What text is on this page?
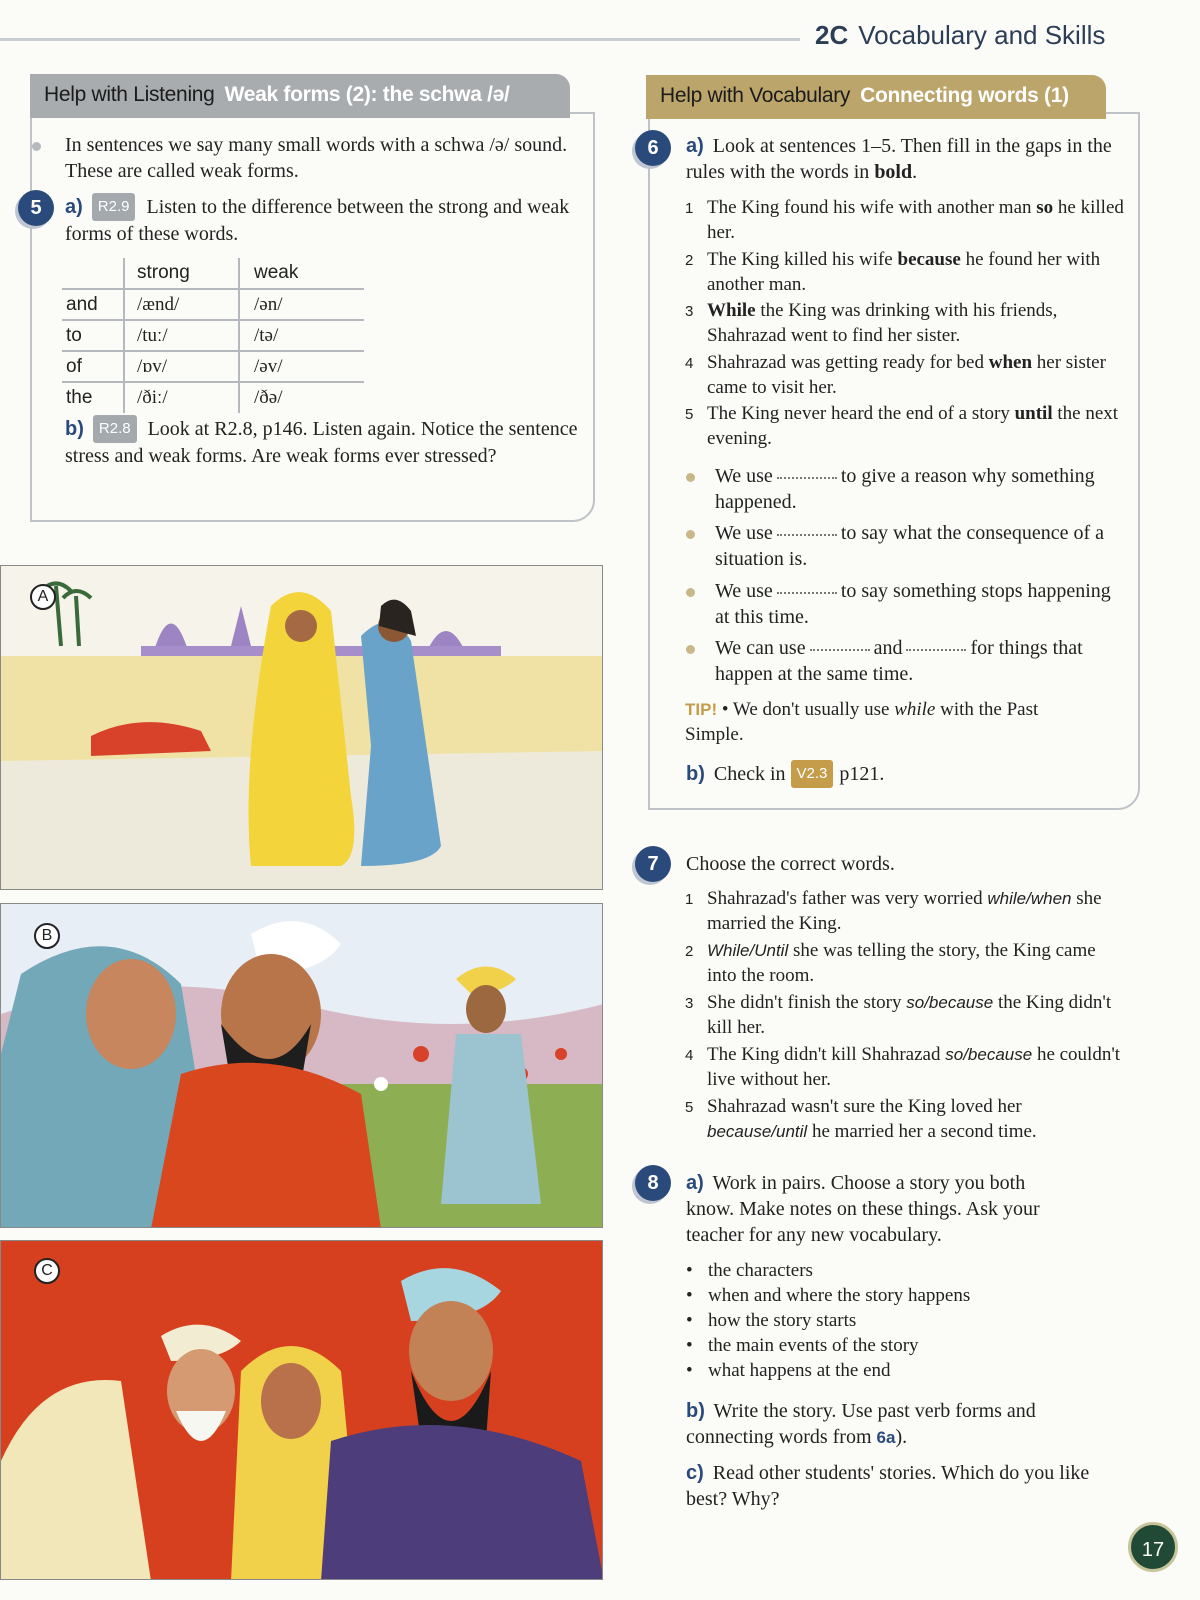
2C Vocabulary and Skills
Help with Listening Weak forms (2): the schwa /ə/
In sentences we say many small words with a schwa /ə/ sound. These are called weak forms.
5	a) R2.9 Listen to the difference between the strong and weak forms of these words.
	strong	weak
and	/ænd/	/ən/
to	/tuː/	/tə/
of	/ɒv/	/əv/
the	/ðiː/	/ðə/
b) R2.8 Look at R2.8, p146. Listen again. Notice the sentence stress and weak forms. Are weak forms ever stressed?
A
B
C
Help with Vocabulary Connecting words (1)
6	a) Look at sentences 1–5. Then fill in the gaps in the rules with the words in bold.
1 The King found his wife with another man so he killed her.
2 The King killed his wife because he found her with another man.
3 While the King was drinking with his friends, Shahrazad went to find her sister.
4 Shahrazad was getting ready for bed when her sister came to visit her.
5 The King never heard the end of a story until the next evening.
We use	to give a reason why something happened.
We use	to say what the consequence of a situation is.
We use	to say something stops happening at this time.
We can use	and	for things that happen at the same time.
TIP! • We don't usually use while with the Past Simple.
b) Check in V2.3 p121.
7	Choose the correct words.
1 Shahrazad's father was very worried while/when she married the King.
2 While/Until she was telling the story, the King came into the room.
3 She didn't finish the story so/because the King didn't kill her.
4 The King didn't kill Shahrazad so/because he couldn't live without her.
5 Shahrazad wasn't sure the King loved her because/until he married her a second time.
8	a) Work in pairs. Choose a story you both know. Make notes on these things. Ask your teacher for any new vocabulary.
• the characters
• when and where the story happens
• how the story starts
• the main events of the story
• what happens at the end
b) Write the story. Use past verb forms and connecting words from 6a).
c) Read other students' stories. Which do you like best? Why?
17
